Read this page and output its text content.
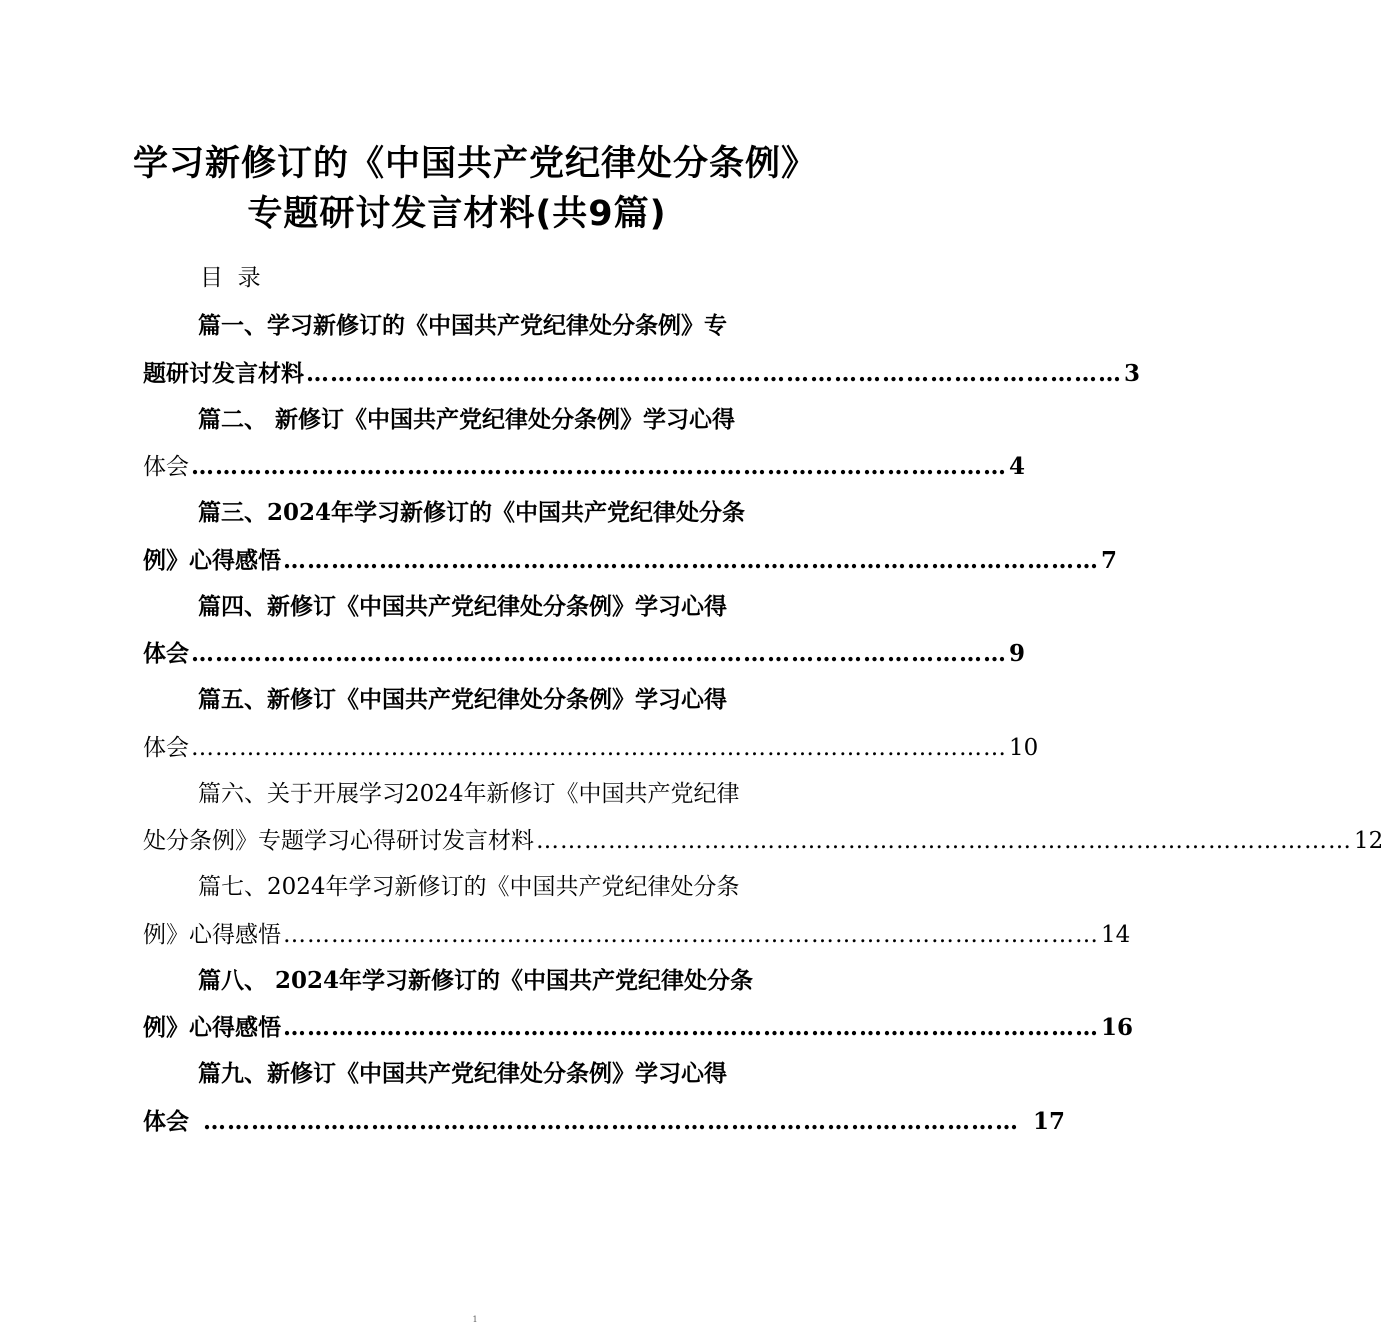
学习新修订的《中国共产党纪律处分条例》
专题研讨发言材料(共9篇)
目  录
篇一、学习新修订的《中国共产党纪律处分条例》专
题研讨发言材料 ………………………………………………………………………………………… 3
篇二、 新修订《中国共产党纪律处分条例》学习心得
体会 ………………………………………………………………………………………… 4
篇三、2024年学习新修订的《中国共产党纪律处分条
例》心得感悟 ………………………………………………………………………………………… 7
篇四、新修订《中国共产党纪律处分条例》学习心得
体会 ………………………………………………………………………………………… 9
篇五、新修订《中国共产党纪律处分条例》学习心得
体会 ………………………………………………………………………………………… 10
篇六、关于开展学习2024年新修订《中国共产党纪律
处分条例》专题学习心得研讨发言材料 ………………………………………………………………………………………… 12
篇七、2024年学习新修订的《中国共产党纪律处分条
例》心得感悟 ………………………………………………………………………………………… 14
篇八、 2024年学习新修订的《中国共产党纪律处分条
例》心得感悟 ………………………………………………………………………………………… 16
篇九、新修订《中国共产党纪律处分条例》学习心得
体会 ………………………………………………………………………………………… 17
1
